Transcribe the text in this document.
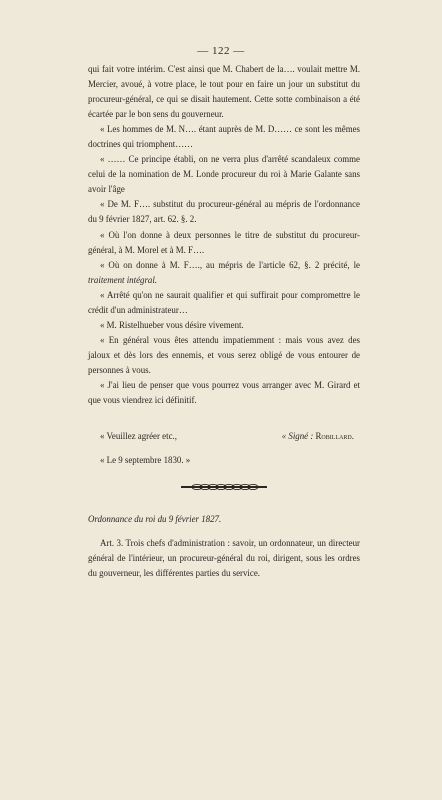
— 122 —

qui fait votre intérim. C'est ainsi que M. Chabert de la…. voulait mettre M. Mercier, avoué, à votre place, le tout pour en faire un jour un substitut du procureur-général, ce qui se disait hautement. Cette sotte combinaison a été écartée par le bon sens du gouverneur.

« Les hommes de M. N…. étant auprès de M. D…… ce sont les mêmes doctrines qui triomphent……

« …… Ce principe établi, on ne verra plus d'arrêté scandaleux comme celui de la nomination de M. Londe procureur du roi à Marie Galante sans avoir l'âge

« De M. F…. substitut du procureur-général au mépris de l'ordonnance du 9 février 1827, art. 62. §. 2.

« Où l'on donne à deux personnes le titre de substitut du procureur-général, à M. Morel et à M. F….

« Où on donne à M. F…., au mépris de l'article 62, §. 2 précité, le traitement intégral.

« Arrêté qu'on ne saurait qualifier et qui suffirait pour compromettre le crédit d'un administrateur…

« M. Ristelhueber vous désire vivement.

« En général vous êtes attendu impatiemment : mais vous avez des jaloux et dès lors des ennemis, et vous serez obligé de vous entourer de personnes à vous.

« J'ai lieu de penser que vous pourrez vous arranger avec M. Girard et que vous viendrez ici définitif.

« Veuillez agréer etc.,	« Signé : Robillard.

« Le 9 septembre 1830. »

Ordonnance du roi du 9 février 1827.

Art. 3. Trois chefs d'administration : savoir, un ordonnateur, un directeur général de l'intérieur, un procureur-général du roi, dirigent, sous les ordres du gouverneur, les différentes parties du service.
